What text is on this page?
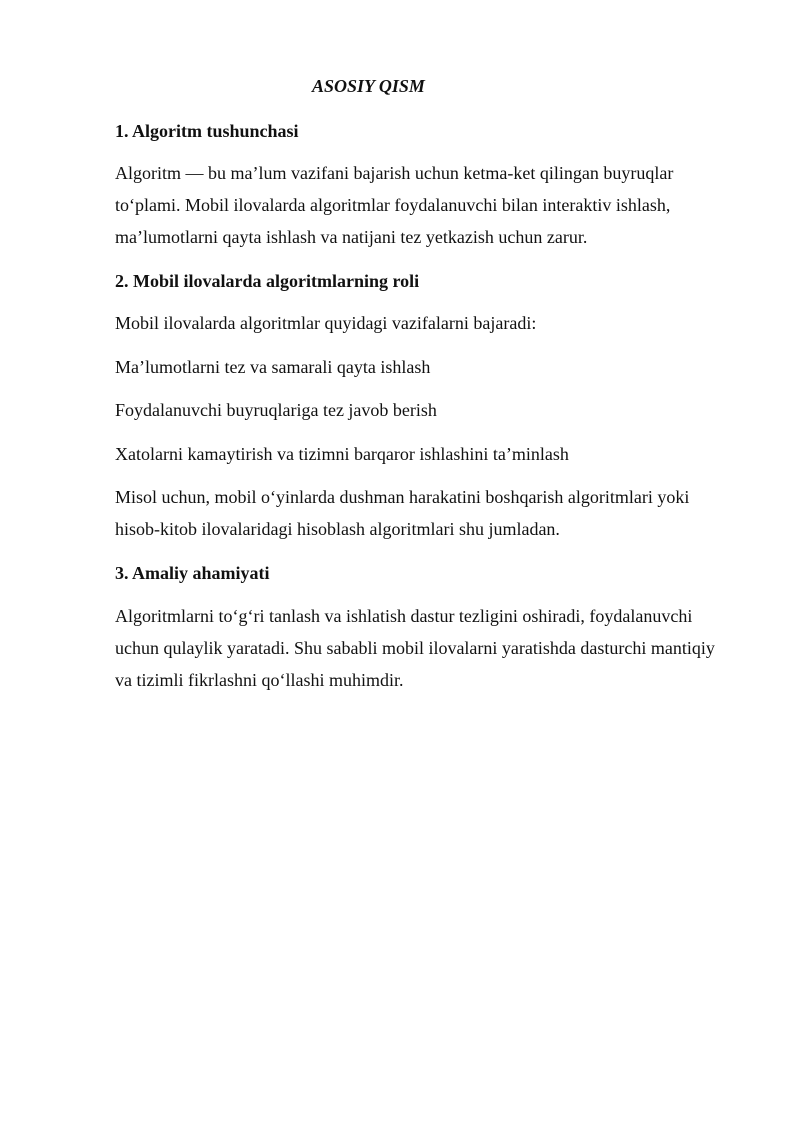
ASOSIY QISM
1. Algoritm tushunchasi

Algoritm — bu ma’lum vazifani bajarish uchun ketma-ket qilingan buyruqlar
to‘plami. Mobil ilovalarda algoritmlar foydalanuvchi bilan interaktiv ishlash,
ma’lumotlarni qayta ishlash va natijani tez yetkazish uchun zarur.

2. Mobil ilovalarda algoritmlarning roli

Mobil ilovalarda algoritmlar quyidagi vazifalarni bajaradi:

Ma’lumotlarni tez va samarali qayta ishlash

Foydalanuvchi buyruqlariga tez javob berish

Xatolarni kamaytirish va tizimni barqaror ishlashini ta’minlash

Misol uchun, mobil o‘yinlarda dushman harakatini boshqarish algoritmlari yoki
hisob-kitob ilovalaridagi hisoblash algoritmlari shu jumladan.

3. Amaliy ahamiyati

Algoritmlarni to‘g‘ri tanlash va ishlatish dastur tezligini oshiradi, foydalanuvchi
uchun qulaylik yaratadi. Shu sababli mobil ilovalarni yaratishda dasturchi mantiqiy
va tizimli fikrlashni qo‘llashi muhimdir.
